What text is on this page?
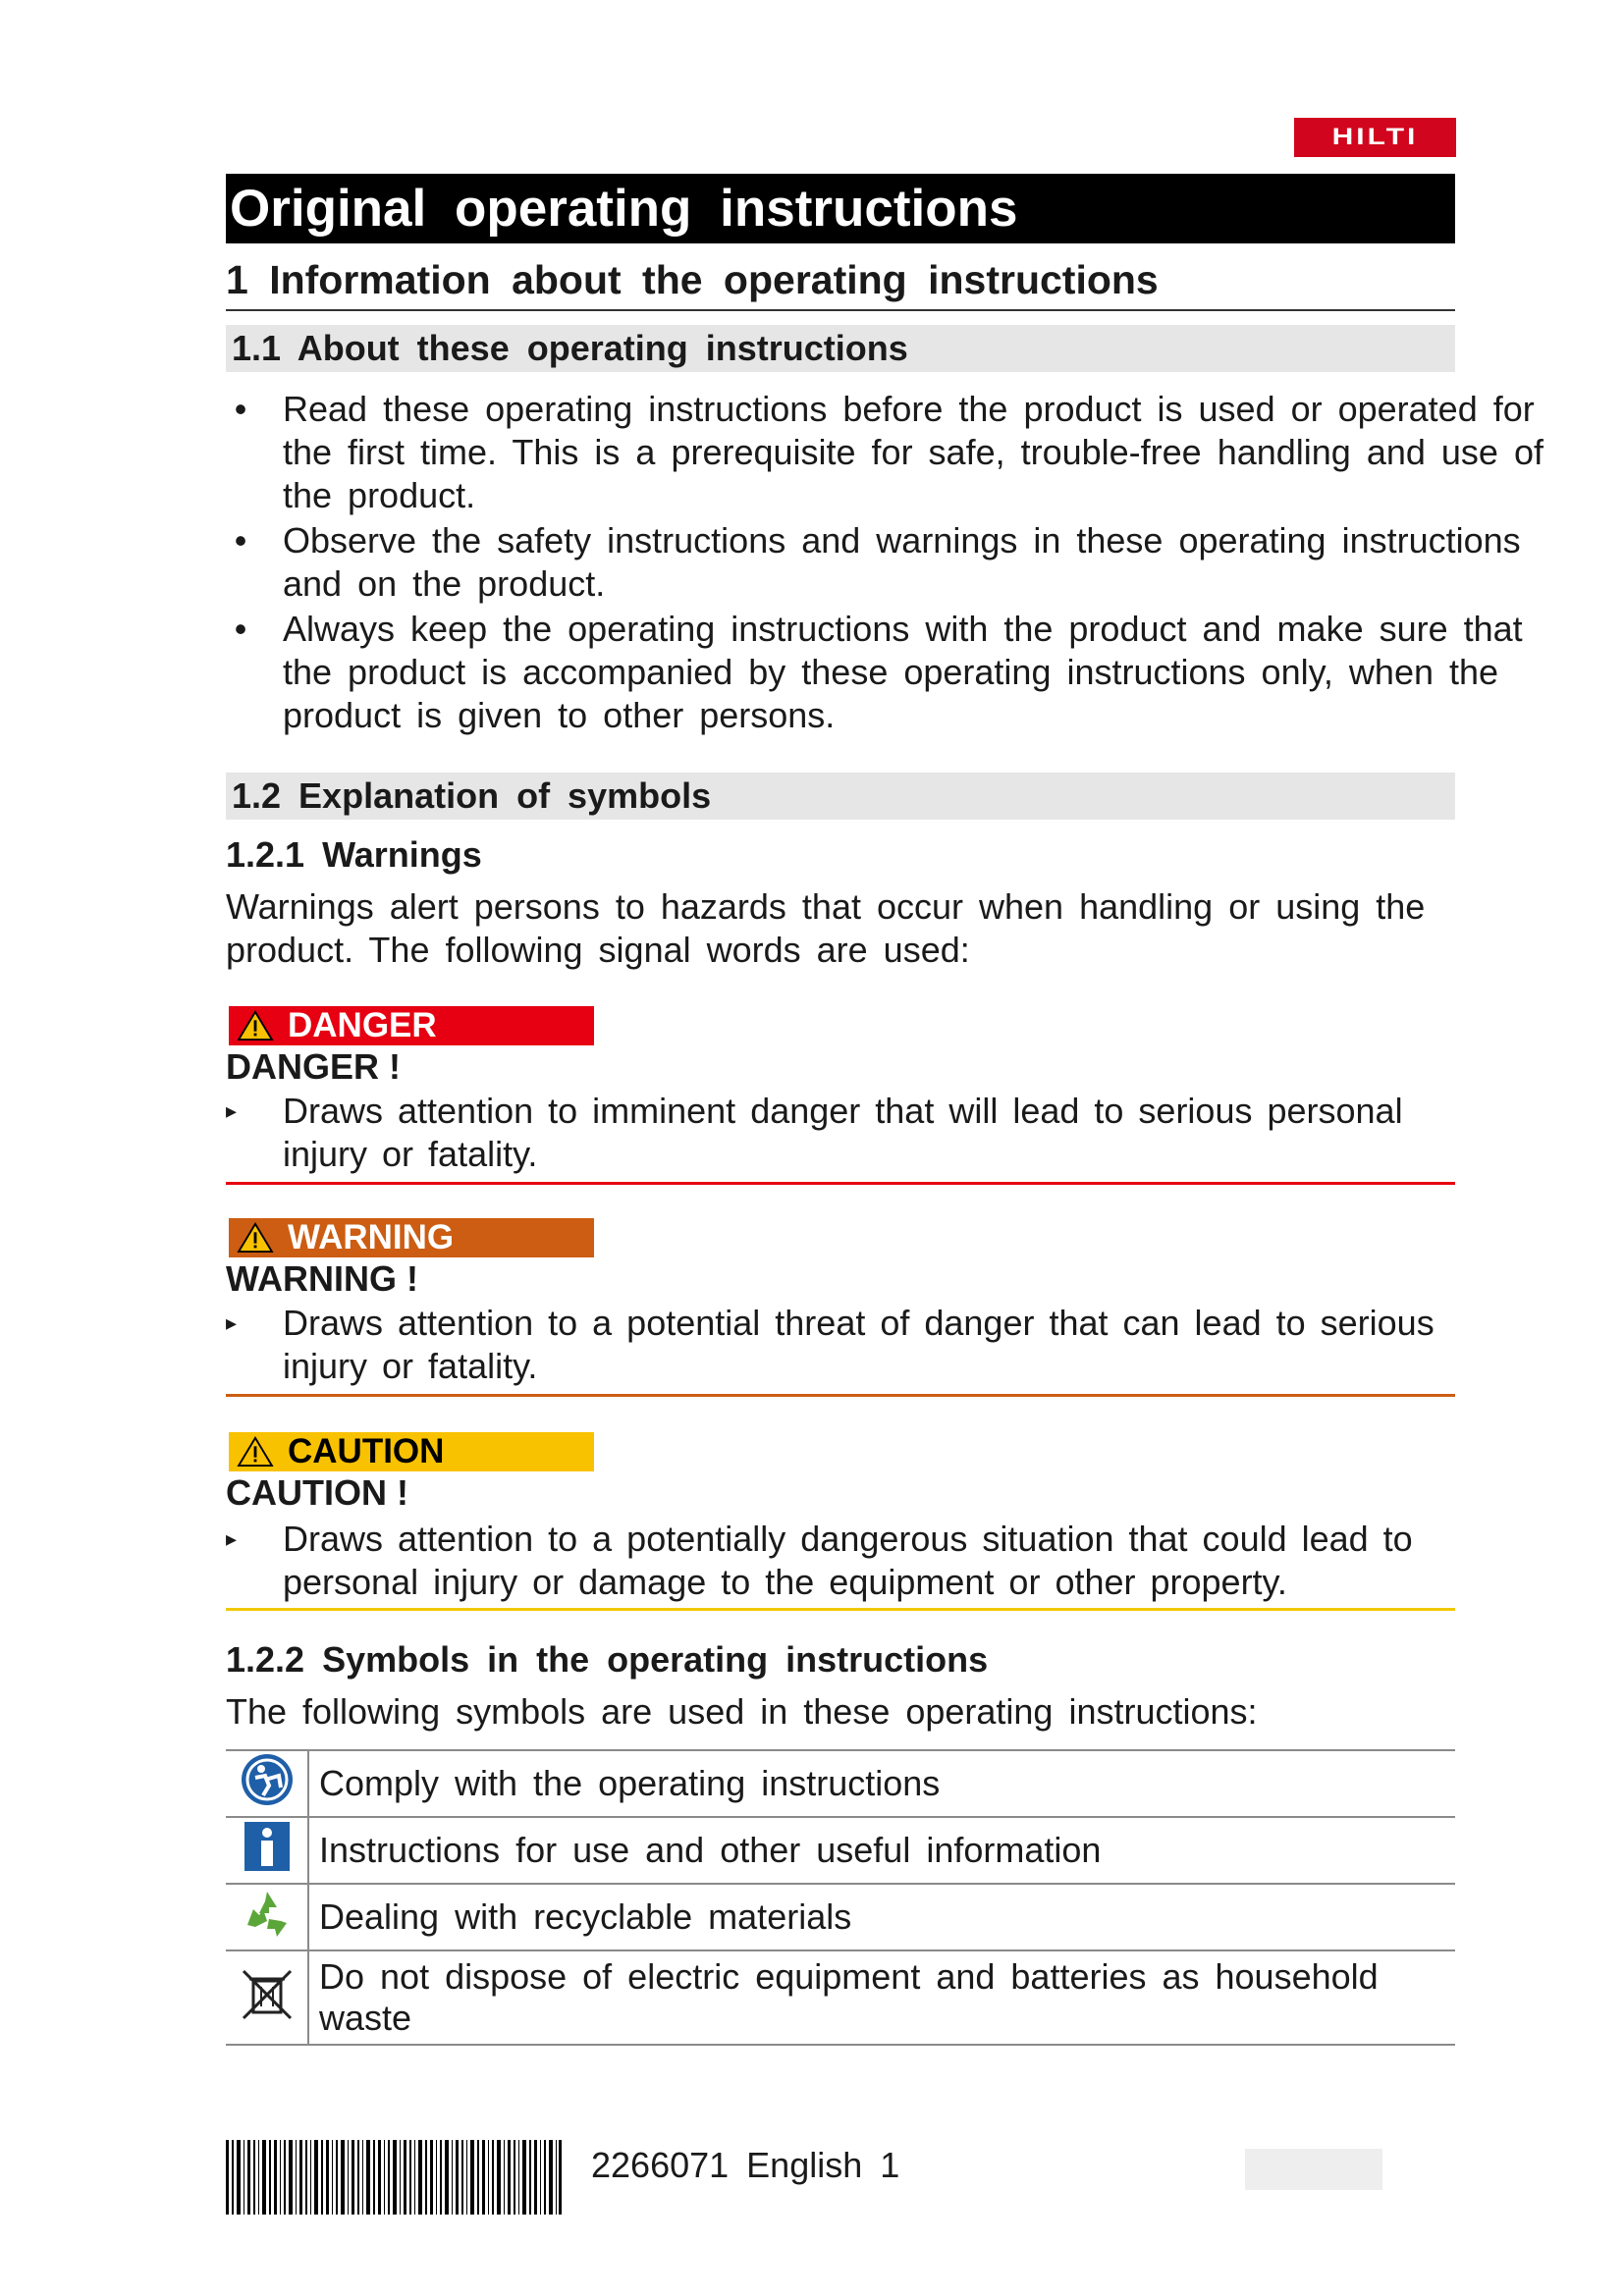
HILTI
Original operating instructions
1 Information about the operating instructions
1.1 About these operating instructions
• Read these operating instructions before the product is used or operated for the first time. This is a prerequisite for safe, trouble-free handling and use of the product.
• Observe the safety instructions and warnings in these operating instructions and on the product.
• Always keep the operating instructions with the product and make sure that the product is accompanied by these operating instructions only, when the product is given to other persons.
1.2 Explanation of symbols
1.2.1 Warnings
Warnings alert persons to hazards that occur when handling or using the product. The following signal words are used:
DANGER
DANGER !
▸ Draws attention to imminent danger that will lead to serious personal injury or fatality.
WARNING
WARNING !
▸ Draws attention to a potential threat of danger that can lead to serious injury or fatality.
CAUTION
CAUTION !
▸ Draws attention to a potentially dangerous situation that could lead to personal injury or damage to the equipment or other property.
1.2.2 Symbols in the operating instructions
The following symbols are used in these operating instructions:
	Comply with the operating instructions
	Instructions for use and other useful information
	Dealing with recyclable materials
	Do not dispose of electric equipment and batteries as household waste
2266071 English 1
